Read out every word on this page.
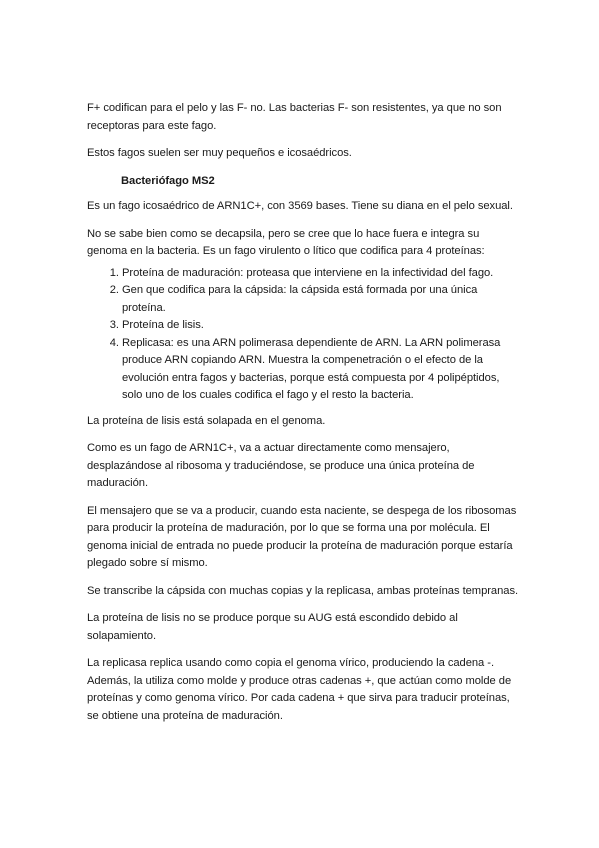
F+ codifican para el pelo y las F- no. Las bacterias F- son resistentes, ya que no son receptoras para este fago.

Estos fagos suelen ser muy pequeños e icosaédricos.

Bacteriófago MS2

Es un fago icosaédrico de ARN1C+, con 3569 bases. Tiene su diana en el pelo sexual.

No se sabe bien como se decapsila, pero se cree que lo hace fuera e integra su genoma en la bacteria. Es un fago virulento o lítico que codifica para 4 proteínas:

1. Proteína de maduración: proteasa que interviene en la infectividad del fago.
2. Gen que codifica para la cápsida: la cápsida está formada por una única proteína.
3. Proteína de lisis.
4. Replicasa: es una ARN polimerasa dependiente de ARN. La ARN polimerasa produce ARN copiando ARN. Muestra la compenetración o el efecto de la evolución entra fagos y bacterias, porque está compuesta por 4 polipéptidos, solo uno de los cuales codifica el fago y el resto la bacteria.

La proteína de lisis está solapada en el genoma.

Como es un fago de ARN1C+, va a actuar directamente como mensajero, desplazándose al ribosoma y traduciéndose, se produce una única proteína de maduración.

El mensajero que se va a producir, cuando esta naciente, se despega de los ribosomas para producir la proteína de maduración, por lo que se forma una por molécula. El genoma inicial de entrada no puede producir la proteína de maduración porque estaría plegado sobre sí mismo.

Se transcribe la cápsida con muchas copias y la replicasa, ambas proteínas tempranas.

La proteína de lisis no se produce porque su AUG está escondido debido al solapamiento.

La replicasa replica usando como copia el genoma vírico, produciendo la cadena -. Además, la utiliza como molde y produce otras cadenas +, que actúan como molde de proteínas y como genoma vírico. Por cada cadena + que sirva para traducir proteínas, se obtiene una proteína de maduración.
